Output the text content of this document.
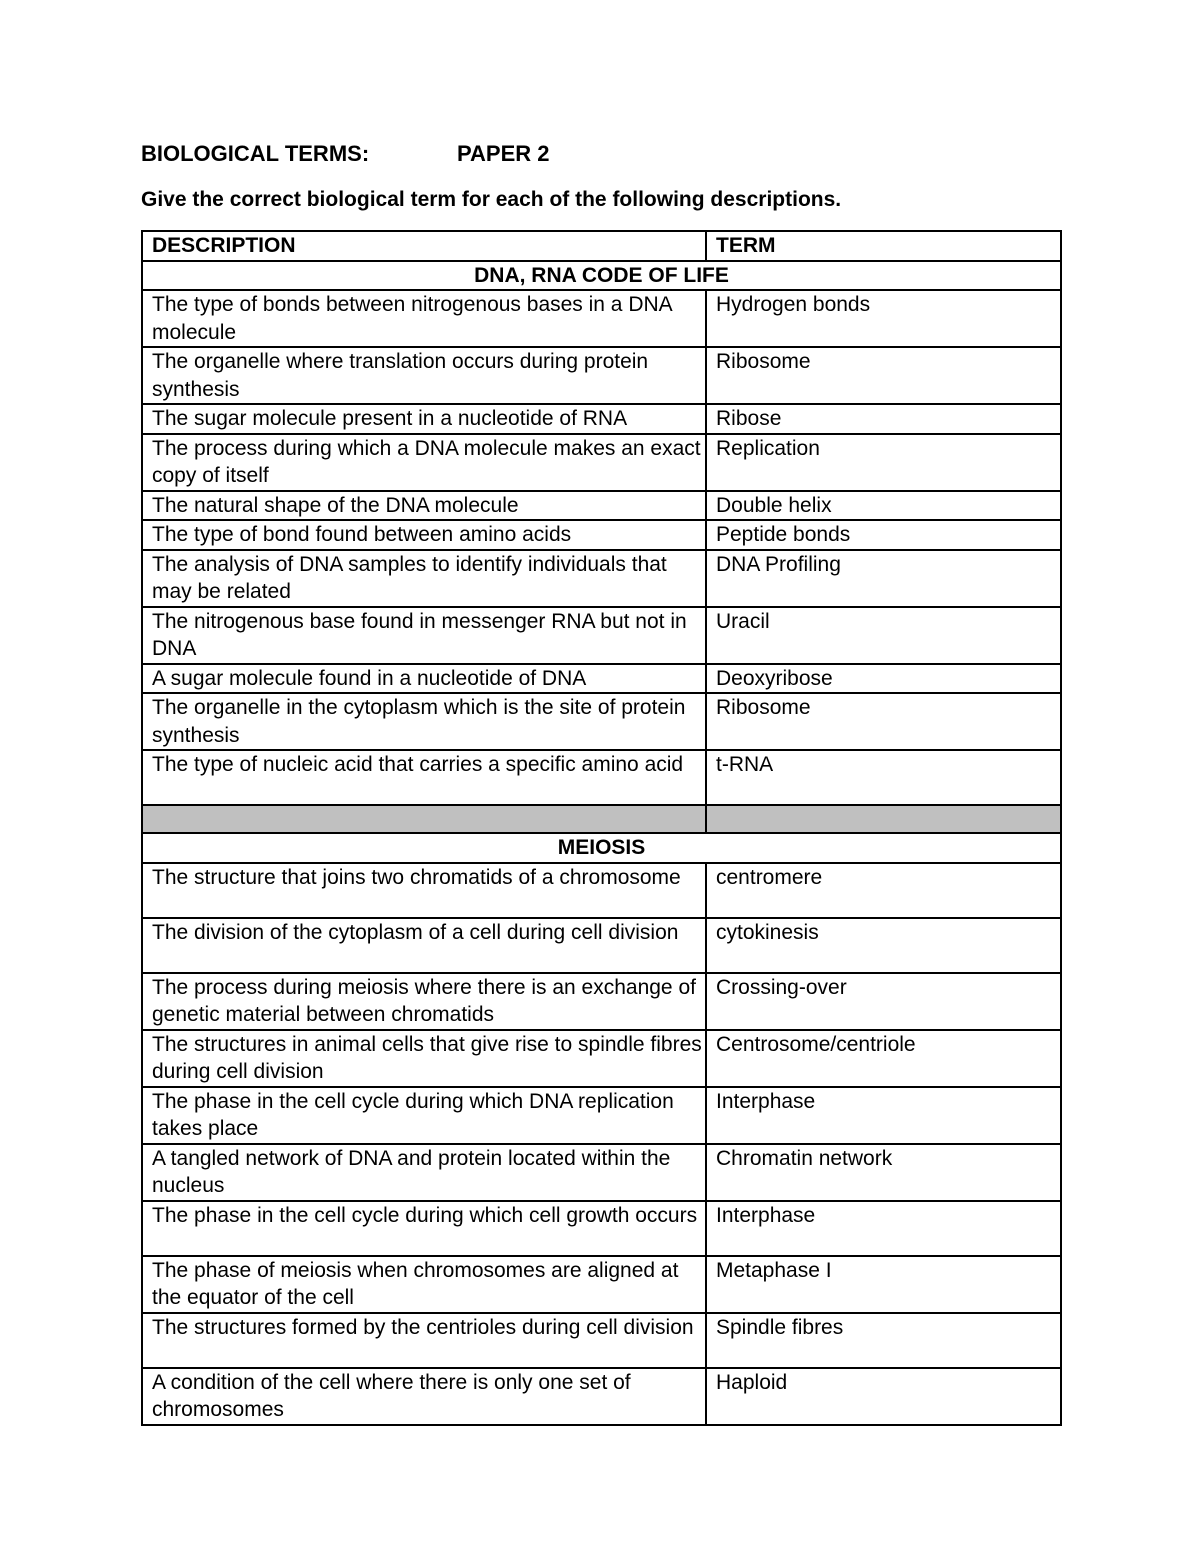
BIOLOGICAL TERMS:	PAPER 2
Give the correct biological term for each of the following descriptions.
DESCRIPTION	TERM
DNA, RNA CODE OF LIFE	
The type of bonds between nitrogenous bases in a DNA molecule	Hydrogen bonds
The organelle where translation occurs during protein synthesis	Ribosome
The sugar molecule present in a nucleotide of RNA	Ribose
The process during which a DNA molecule makes an exact copy of itself	Replication
The natural shape of the DNA molecule	Double helix
The type of bond found between amino acids	Peptide bonds
The analysis of DNA samples to identify individuals that may be related	DNA Profiling
The nitrogenous base found in messenger RNA but not in DNA	Uracil
A sugar molecule found in a nucleotide of DNA	Deoxyribose
The organelle in the cytoplasm which is the site of protein synthesis	Ribosome
The type of nucleic acid that carries a specific amino acid	t-RNA

MEIOSIS	
The structure that joins two chromatids of a chromosome	centromere
The division of the cytoplasm of a cell during cell division	cytokinesis
The process during meiosis where there is an exchange of genetic material between chromatids	Crossing-over
The structures in animal cells that give rise to spindle fibres during cell division	Centrosome/centriole
The phase in the cell cycle during which DNA replication takes place	Interphase
A tangled network of DNA and protein located within the nucleus	Chromatin network
The phase in the cell cycle during which cell growth occurs	Interphase
The phase of meiosis when chromosomes are aligned at the equator of the cell	Metaphase I
The structures formed by the centrioles during cell division	Spindle fibres
A condition of the cell where there is only one set of chromosomes	Haploid
